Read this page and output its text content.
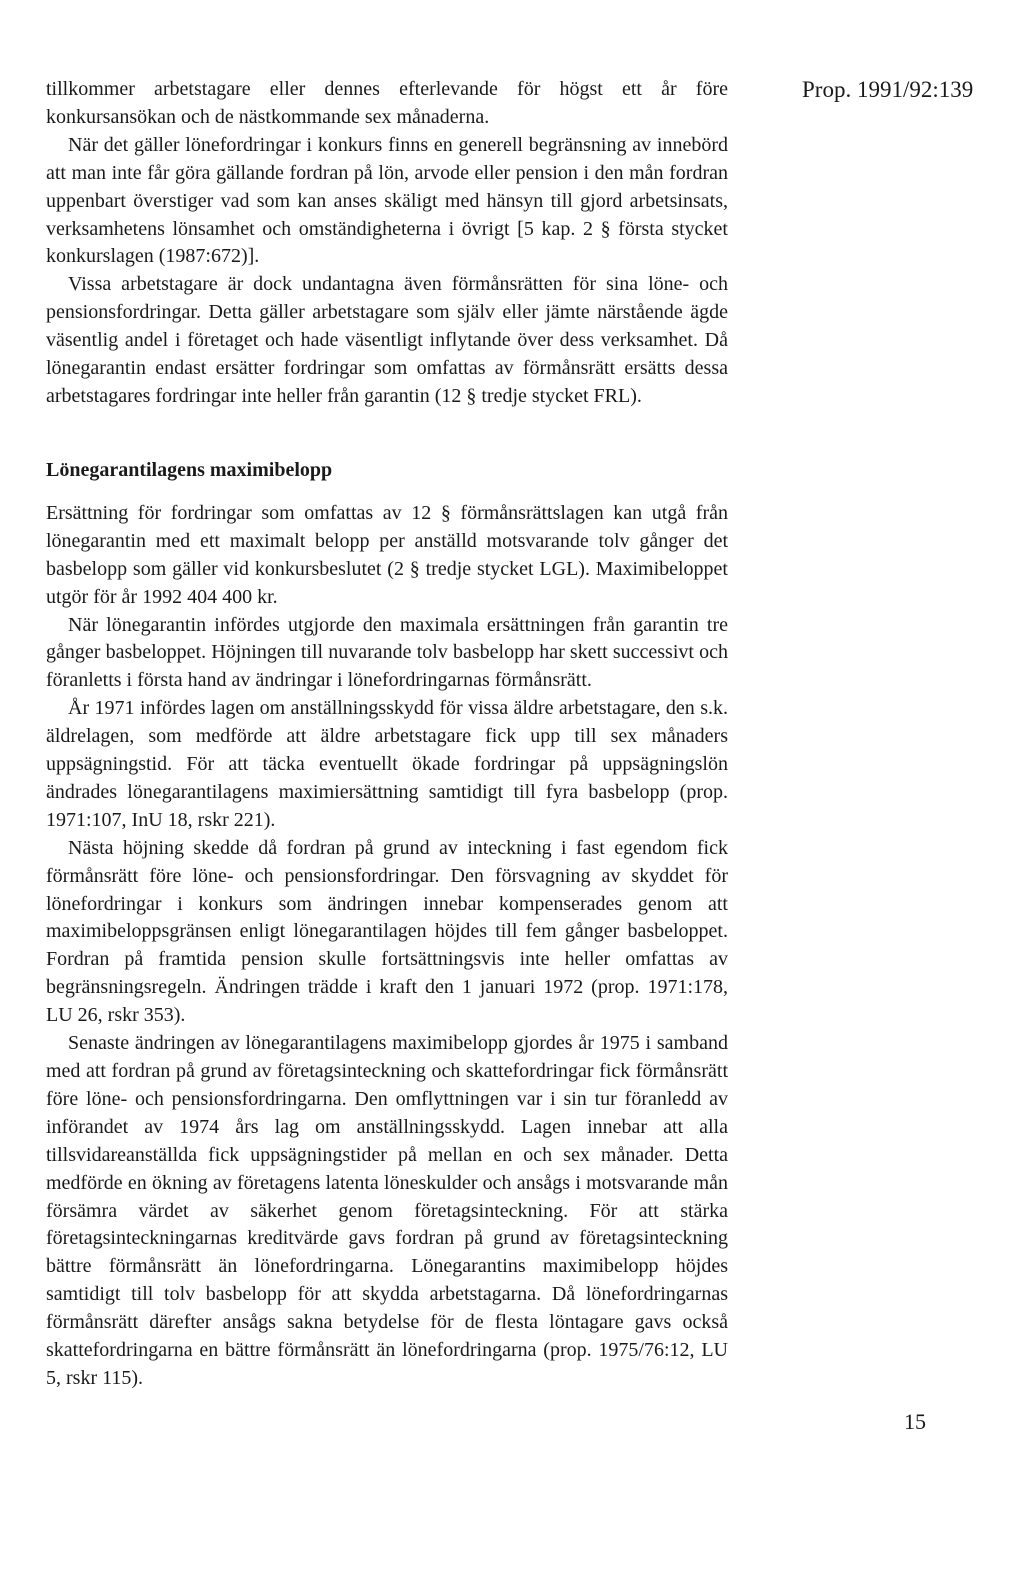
Prop. 1991/92:139

tillkommer arbetstagare eller dennes efterlevande för högst ett år före konkursansökan och de nästkommande sex månaderna.

När det gäller lönefordringar i konkurs finns en generell begränsning av innebörd att man inte får göra gällande fordran på lön, arvode eller pension i den mån fordran uppenbart överstiger vad som kan anses skäligt med hänsyn till gjord arbetsinsats, verksamhetens lönsamhet och omständigheterna i övrigt [5 kap. 2 § första stycket konkurslagen (1987:672)].

Vissa arbetstagare är dock undantagna även förmånsrätten för sina löne- och pensionsfordringar. Detta gäller arbetstagare som själv eller jämte närstående ägde väsentlig andel i företaget och hade väsentligt inflytande över dess verksamhet. Då lönegarantin endast ersätter fordringar som omfattas av förmånsrätt ersätts dessa arbetstagares fordringar inte heller från garantin (12 § tredje stycket FRL).

Lönegarantilagens maximibelopp

Ersättning för fordringar som omfattas av 12 § förmånsrättslagen kan utgå från lönegarantin med ett maximalt belopp per anställd motsvarande tolv gånger det basbelopp som gäller vid konkursbeslutet (2 § tredje stycket LGL). Maximibeloppet utgör för år 1992 404 400 kr.

När lönegarantin infördes utgjorde den maximala ersättningen från garantin tre gånger basbeloppet. Höjningen till nuvarande tolv basbelopp har skett successivt och föranletts i första hand av ändringar i lönefordringarnas förmånsrätt.

År 1971 infördes lagen om anställningsskydd för vissa äldre arbetstagare, den s.k. äldrelagen, som medförde att äldre arbetstagare fick upp till sex månaders uppsägningstid. För att täcka eventuellt ökade fordringar på uppsägningslön ändrades lönegarantilagens maximiersättning samtidigt till fyra basbelopp (prop. 1971:107, InU 18, rskr 221).

Nästa höjning skedde då fordran på grund av inteckning i fast egendom fick förmånsrätt före löne- och pensionsfordringar. Den försvagning av skyddet för lönefordringar i konkurs som ändringen innebar kompenserades genom att maximibeloppsgränsen enligt lönegarantilagen höjdes till fem gånger basbeloppet. Fordran på framtida pension skulle fortsättningsvis inte heller omfattas av begränsningsregeln. Ändringen trädde i kraft den 1 januari 1972 (prop. 1971:178, LU 26, rskr 353).

Senaste ändringen av lönegarantilagens maximibelopp gjordes år 1975 i samband med att fordran på grund av företagsinteckning och skattefordringar fick förmånsrätt före löne- och pensionsfordringarna. Den omflyttningen var i sin tur föranledd av införandet av 1974 års lag om anställningsskydd. Lagen innebar att alla tillsvidareanställda fick uppsägningstider på mellan en och sex månader. Detta medförde en ökning av företagens latenta löneskulder och ansågs i motsvarande mån försämra värdet av säkerhet genom företagsinteckning. För att stärka företagsinteckningarnas kreditvärde gavs fordran på grund av företagsinteckning bättre förmånsrätt än lönefordringarna. Lönegarantins maximibelopp höjdes samtidigt till tolv basbelopp för att skydda arbetstagarna. Då lönefordringarnas förmånsrätt därefter ansågs sakna betydelse för de flesta löntagare gavs också skattefordringarna en bättre förmånsrätt än lönefordringarna (prop. 1975/76:12, LU 5, rskr 115).

15
